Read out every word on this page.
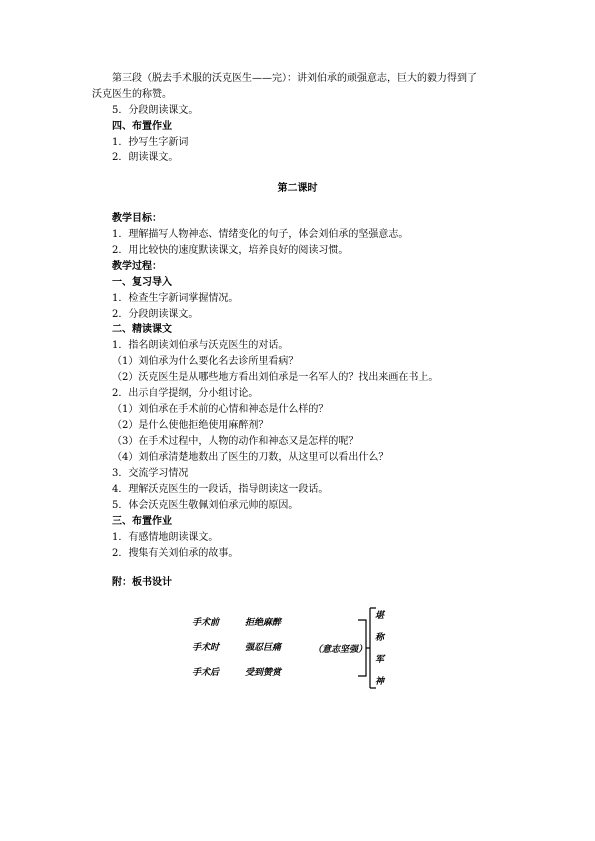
第三段（脱去手术服的沃克医生——完）：讲刘伯承的顽强意志，巨大的毅力得到了
沃克医生的称赞。
5．分段朗读课文。
四、布置作业
1．抄写生字新词
2．朗读课文。
第二课时
教学目标：
1．理解描写人物神态、情绪变化的句子，体会刘伯承的坚强意志。
2．用比较快的速度默读课文，培养良好的阅读习惯。
教学过程：
一、复习导入
1．检查生字新词掌握情况。
2．分段朗读课文。
二、精读课文
1．指名朗读刘伯承与沃克医生的对话。
（1）刘伯承为什么要化名去诊所里看病？
（2）沃克医生是从哪些地方看出刘伯承是一名军人的？找出来画在书上。
2．出示自学提纲，分小组讨论。
（1）刘伯承在手术前的心情和神态是什么样的？
（2）是什么使他拒绝使用麻醉剂？
（3）在手术过程中，人物的动作和神态又是怎样的呢？
（4）刘伯承清楚地数出了医生的刀数，从这里可以看出什么？
3．交流学习情况
4．理解沃克医生的一段话，指导朗读这一段话。
5．体会沃克医生敬佩刘伯承元帅的原因。
三、布置作业
1．有感情地朗读课文。
2．搜集有关刘伯承的故事。
附：板书设计
手术前
手术时
手术后
拒绝麻醉
强忍巨痛
受到赞赏
（意志坚强）
堪
称
军
神
